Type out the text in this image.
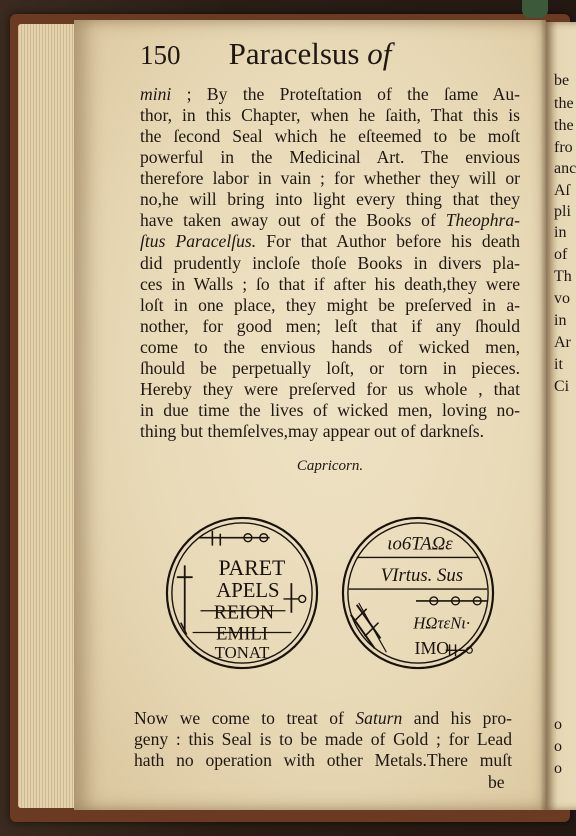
be
the
the
fro
anc
Aſ
pli
in
of
Th
vo
in
Ar
it
Ci
o
o
o
150	Paracelsus of
mini ; By the Proteſtation of the ſame Au-
thor, in this Chapter, when he ſaith, That this is
the ſecond Seal which he eſteemed to be moſt
powerful in the Medicinal Art. The envious
therefore labor in vain ; for whether they will or
no,he will bring into light every thing that they
have taken away out of the Books of Theophra-
ſtus Paracelſus. For that Author before his death
did prudently incloſe thoſe Books in divers pla-
ces in Walls ; ſo that if after his death,they were
loſt in one place, they might be preſerved in a-
nother, for good men; leſt that if any ſhould
come to the envious hands of wicked men,
ſhould be perpetually loſt, or torn in pieces.
Hereby they were preſerved for us whole , that
in due time the lives of wicked men, loving no-
thing but themſelves,may appear out of darkneſs.
Capricorn.
PARET
APELS
REION
EMILI
TONAT
ιο6ΤΑΩε
VIrtus. Sus
ΗΩτεΝι·
IMO
Now we come to treat of Saturn and his pro-
geny : this Seal is to be made of Gold ; for Lead
hath no operation with other Metals.There muſt
be
